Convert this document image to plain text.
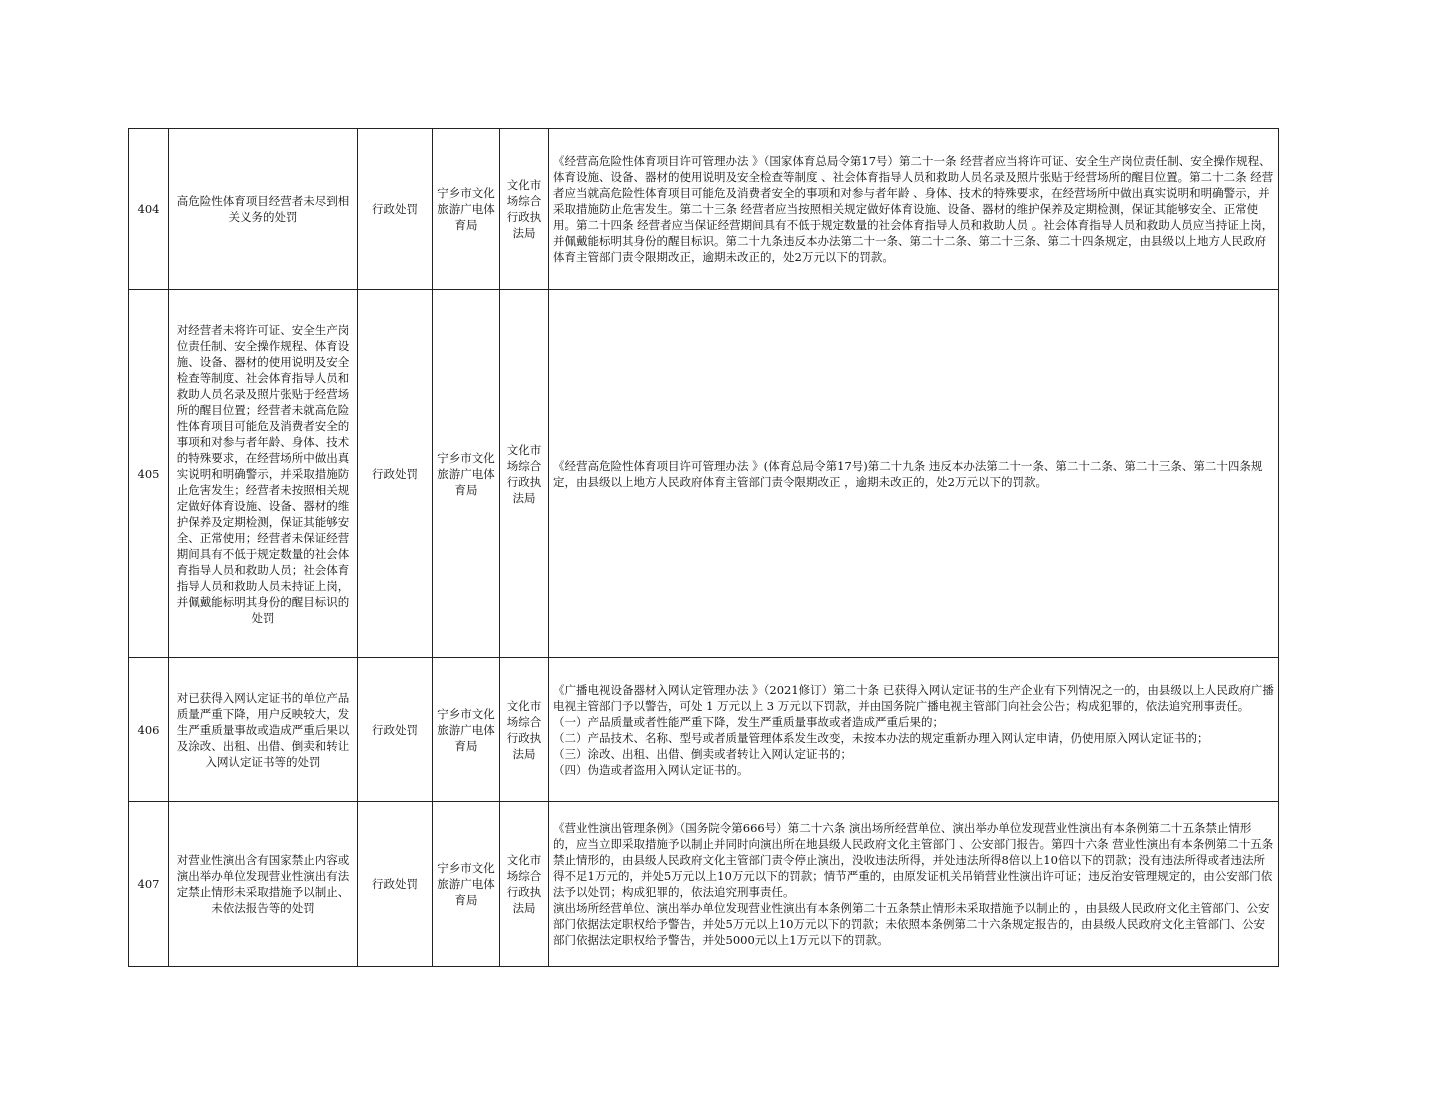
404	高危险性体育项目经营者未尽到相关义务的处罚	行政处罚	宁乡市文化旅游广电体育局	文化市场综合行政执法局	《经营高危险性体育项目许可管理办法 》（国家体育总局令第17号）第二十一条 经营者应当将许可证、安全生产岗位责任制、安全操作规程、体育设施、设备、器材的使用说明及安全检查等制度 、社会体育指导人员和救助人员名录及照片张贴于经营场所的醒目位置。第二十二条 经营者应当就高危险性体育项目可能危及消费者安全的事项和对参与者年龄 、身体、技术的特殊要求，在经营场所中做出真实说明和明确警示，并采取措施防止危害发生。第二十三条 经营者应当按照相关规定做好体育设施、设备、器材的维护保养及定期检测，保证其能够安全、正常使用。第二十四条 经营者应当保证经营期间具有不低于规定数量的社会体育指导人员和救助人员 。社会体育指导人员和救助人员应当持证上岗，并佩戴能标明其身份的醒目标识。第二十九条违反本办法第二十一条、第二十二条、第二十三条、第二十四条规定，由县级以上地方人民政府体育主管部门责令限期改正，逾期未改正的，处2万元以下的罚款。

405	对经营者未将许可证、安全生产岗位责任制、安全操作规程、体育设施、设备、器材的使用说明及安全检查等制度、社会体育指导人员和救助人员名录及照片张贴于经营场所的醒目位置；经营者未就高危险性体育项目可能危及消费者安全的事项和对参与者年龄、身体、技术的特殊要求，在经营场所中做出真实说明和明确警示，并采取措施防止危害发生；经营者未按照相关规定做好体育设施、设备、器材的维护保养及定期检测，保证其能够安全、正常使用；经营者未保证经营期间具有不低于规定数量的社会体育指导人员和救助人员；社会体育指导人员和救助人员未持证上岗，并佩戴能标明其身份的醒目标识的处罚	行政处罚	宁乡市文化旅游广电体育局	文化市场综合行政执法局	《经营高危险性体育项目许可管理办法 》(体育总局令第17号)第二十九条 违反本办法第二十一条、第二十二条、第二十三条、第二十四条规定，由县级以上地方人民政府体育主管部门责令限期改正 ，逾期未改正的，处2万元以下的罚款。

406	对已获得入网认定证书的单位产品质量严重下降，用户反映较大，发生严重质量事故或造成严重后果以及涂改、出租、出借、倒卖和转让入网认定证书等的处罚	行政处罚	宁乡市文化旅游广电体育局	文化市场综合行政执法局	《广播电视设备器材入网认定管理办法 》（2021修订）第二十条 已获得入网认定证书的生产企业有下列情况之一的，由县级以上人民政府广播电视主管部门予以警告，可处 1 万元以上 3 万元以下罚款，并由国务院广播电视主管部门向社会公告；构成犯罪的，依法追究刑事责任。
（一）产品质量或者性能严重下降，发生严重质量事故或者造成严重后果的；
（二）产品技术、名称、型号或者质量管理体系发生改变，未按本办法的规定重新办理入网认定申请，仍使用原入网认定证书的；
（三）涂改、出租、出借、倒卖或者转让入网认定证书的；
（四）伪造或者盗用入网认定证书的。

407	对营业性演出含有国家禁止内容或演出举办单位发现营业性演出有法定禁止情形未采取措施予以制止、未依法报告等的处罚	行政处罚	宁乡市文化旅游广电体育局	文化市场综合行政执法局	《营业性演出管理条例》（国务院令第666号）第二十六条 演出场所经营单位、演出举办单位发现营业性演出有本条例第二十五条禁止情形的，应当立即采取措施予以制止并同时向演出所在地县级人民政府文化主管部门 、公安部门报告。第四十六条 营业性演出有本条例第二十五条禁止情形的，由县级人民政府文化主管部门责令停止演出，没收违法所得，并处违法所得8倍以上10倍以下的罚款；没有违法所得或者违法所得不足1万元的，并处5万元以上10万元以下的罚款；情节严重的，由原发证机关吊销营业性演出许可证；违反治安管理规定的，由公安部门依法予以处罚；构成犯罪的，依法追究刑事责任。
演出场所经营单位、演出举办单位发现营业性演出有本条例第二十五条禁止情形未采取措施予以制止的 ，由县级人民政府文化主管部门、公安部门依据法定职权给予警告，并处5万元以上10万元以下的罚款；未依照本条例第二十六条规定报告的，由县级人民政府文化主管部门、公安部门依据法定职权给予警告，并处5000元以上1万元以下的罚款。
